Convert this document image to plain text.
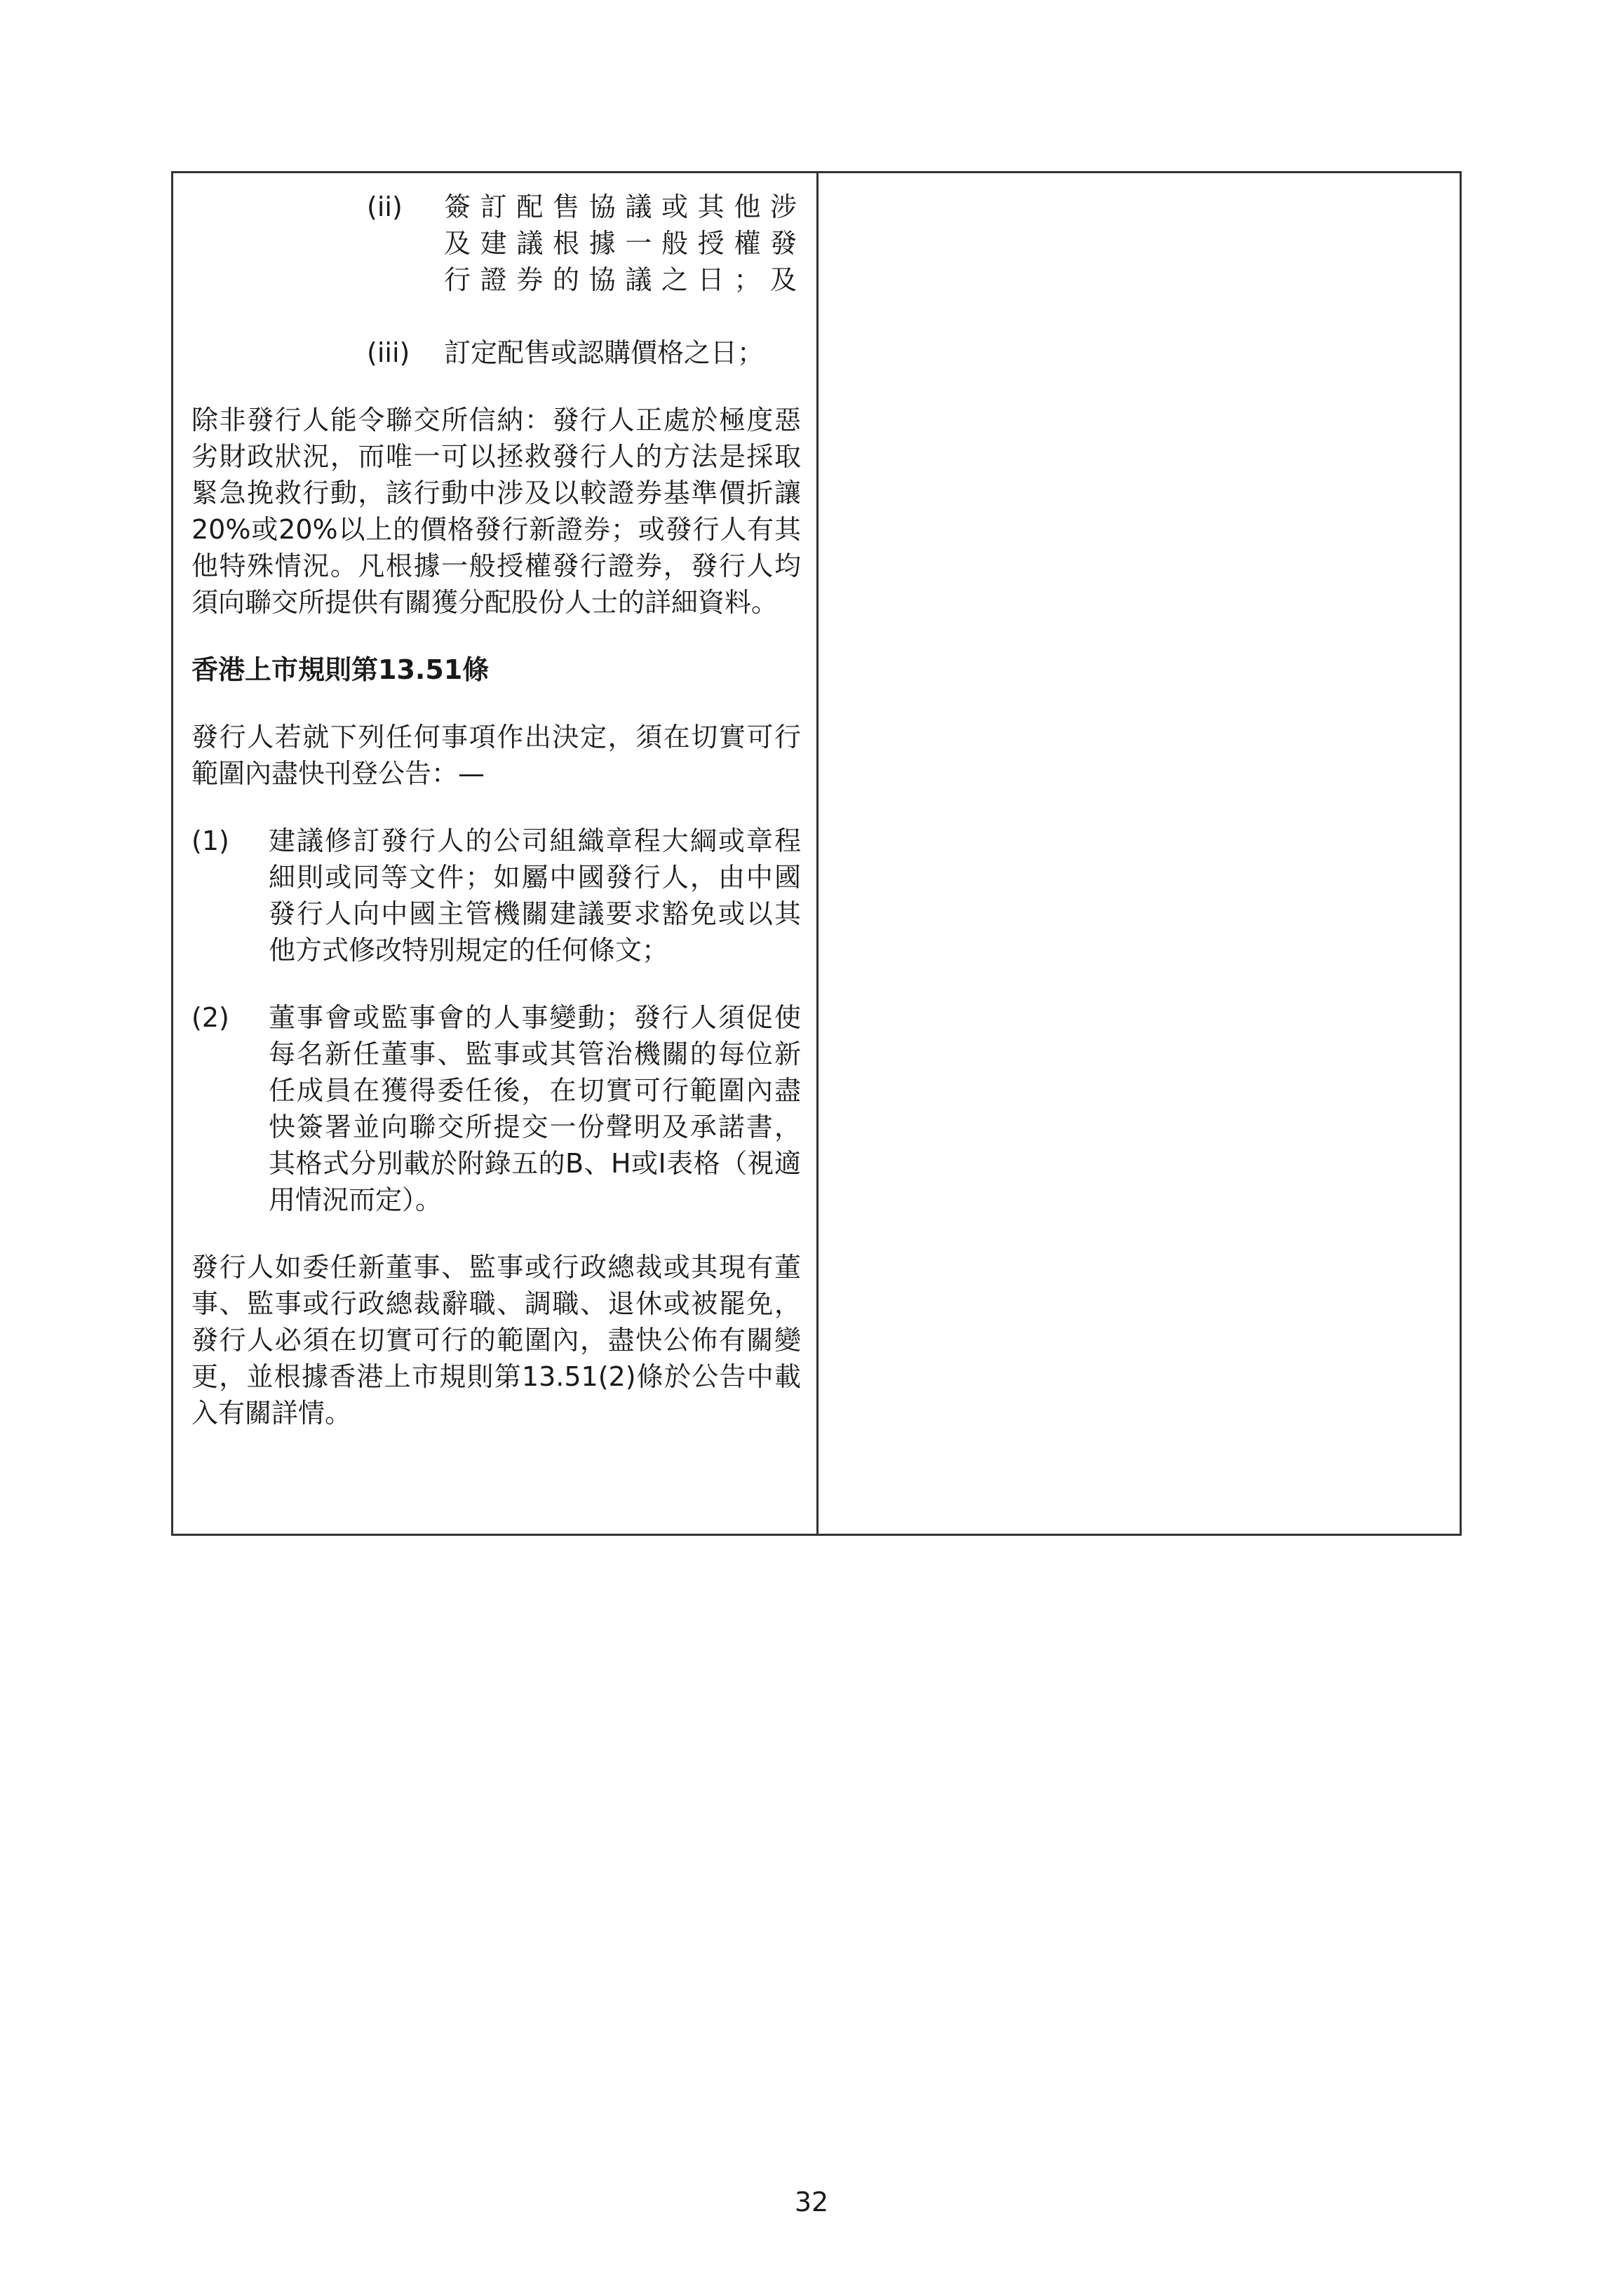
(ii)	簽訂配售協議或其他涉
及建議根據一般授權發
行證券的協議之日；及
(iii)	訂定配售或認購價格之日；

除非發行人能令聯交所信納：發行人正處於極度惡劣財政狀況，而唯一可以拯救發行人的方法是採取緊急挽救行動，該行動中涉及以較證券基準價折讓20%或20%以上的價格發行新證券；或發行人有其他特殊情況。凡根據一般授權發行證券，發行人均須向聯交所提供有關獲分配股份人士的詳細資料。

香港上市規則第13.51條

發行人若就下列任何事項作出決定，須在切實可行範圍內盡快刊登公告：—

(1)	建議修訂發行人的公司組織章程大綱或章程細則或同等文件；如屬中國發行人，由中國發行人向中國主管機關建議要求豁免或以其他方式修改特別規定的任何條文；
(2)	董事會或監事會的人事變動；發行人須促使每名新任董事、監事或其管治機關的每位新任成員在獲得委任後，在切實可行範圍內盡快簽署並向聯交所提交一份聲明及承諾書，其格式分別載於附錄五的B、H或I表格（視適用情況而定）。

發行人如委任新董事、監事或行政總裁或其現有董事、監事或行政總裁辭職、調職、退休或被罷免，發行人必須在切實可行的範圍內，盡快公佈有關變更，並根據香港上市規則第13.51(2)條於公告中載入有關詳情。

32
